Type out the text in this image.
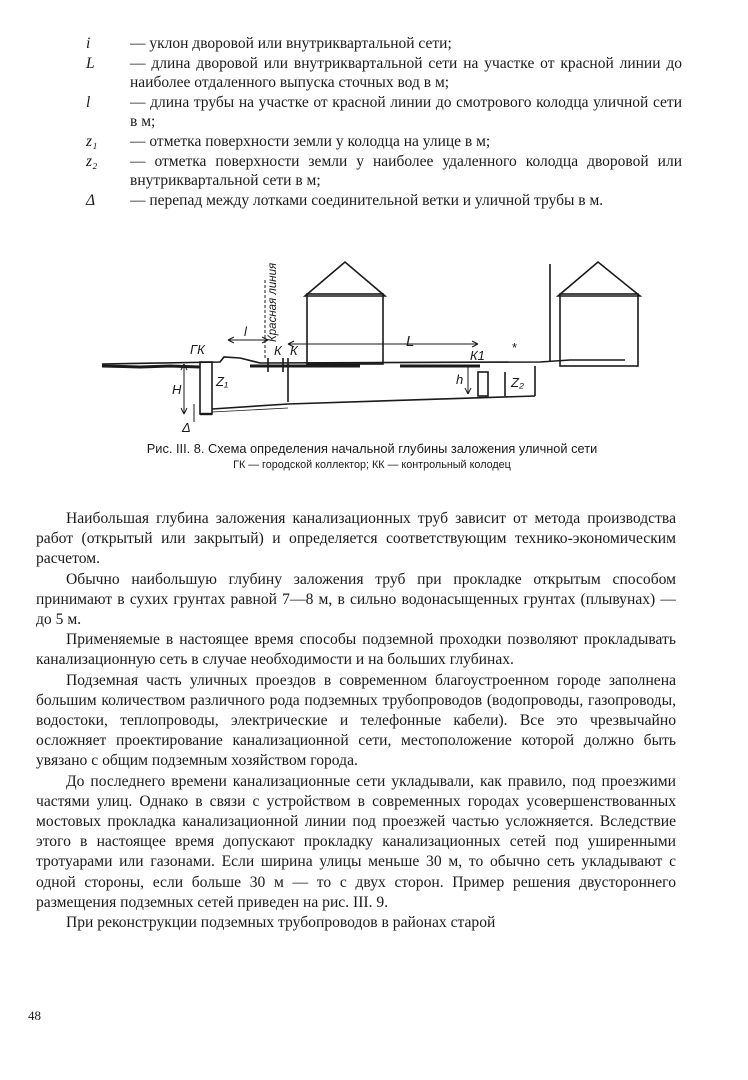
i	— уклон дворовой или внутриквартальной сети;
L	— длина дворовой или внутриквартальной сети на участке от красной линии до наиболее отдаленного выпуска сточных вод в м;
l	— длина трубы на участке от красной линии до смотрового колодца уличной сети в м;
z₁	— отметка поверхности земли у колодца на улице в м;
z₂	— отметка поверхности земли у наиболее удаленного колодца дворовой или внутриквартальной сети в м;
Δ	— перепад между лотками соединительной ветки и уличной трубы в м.
Красная линия
l
L
ГК	К К	К1
Z₁	Z₂
H
h
Δ
*
Рис. III. 8. Схема определения начальной глубины заложения уличной сети
ГК — городской коллектор; КК — контрольный колодец

Наибольшая глубина заложения канализационных труб зависит от метода производства работ (открытый или закрытый) и определяется соответствующим технико-экономическим расчетом.

Обычно наибольшую глубину заложения труб при прокладке открытым способом принимают в сухих грунтах равной 7—8 м, в сильно водонасыщенных грунтах (плывунах) — до 5 м.

Применяемые в настоящее время способы подземной проходки позволяют прокладывать канализационную сеть в случае необходимости и на больших глубинах.

Подземная часть уличных проездов в современном благоустроенном городе заполнена большим количеством различного рода подземных трубопроводов (водопроводы, газопроводы, водостоки, теплопроводы, электрические и телефонные кабели). Все это чрезвычайно осложняет проектирование канализационной сети, местоположение которой должно быть увязано с общим подземным хозяйством города.

До последнего времени канализационные сети укладывали, как правило, под проезжими частями улиц. Однако в связи с устройством в современных городах усовершенствованных мостовых прокладка канализационной линии под проезжей частью усложняется. Вследствие этого в настоящее время допускают прокладку канализационных сетей под уширенными тротуарами или газонами. Если ширина улицы меньше 30 м, то обычно сеть укладывают с одной стороны, если больше 30 м — то с двух сторон. Пример решения двустороннего размещения подземных сетей приведен на рис. III. 9.

При реконструкции подземных трубопроводов в районах старой

48
